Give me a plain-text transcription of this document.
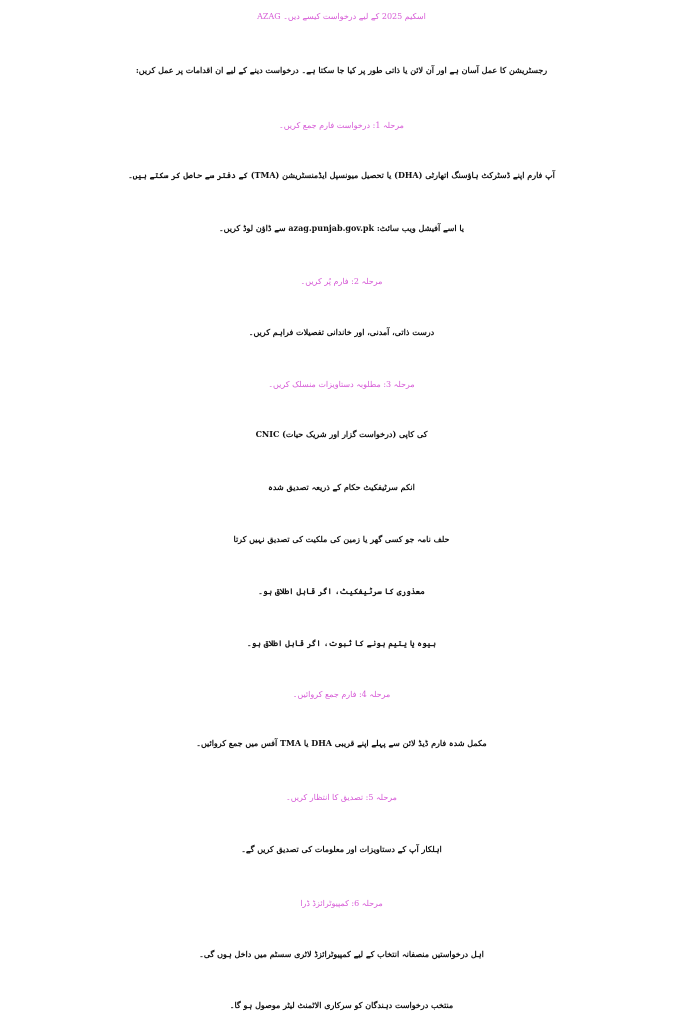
AZAG اسکیم 2025 کے لیے درخواست کیسے دیں۔
رجسٹریشن کا عمل آسان ہے اور آن لائن یا ذاتی طور پر کیا جا سکتا ہے۔ درخواست دینے کے لیے ان اقدامات پر عمل کریں:
مرحلہ 1: درخواست فارم جمع کریں۔
آپ فارم اپنے ڈسٹرکٹ ہاؤسنگ اتھارٹی (DHA) یا تحصیل میونسپل ایڈمنسٹریشن (TMA) کے دفتر سے حاصل کر سکتے ہیں۔
یا اسے آفیشل ویب سائٹ: azag.punjab.gov.pk سے ڈاؤن لوڈ کریں۔
مرحلہ 2: فارم پُر کریں۔
درست ذاتی، آمدنی، اور خاندانی تفصیلات فراہم کریں۔
مرحلہ 3: مطلوبہ دستاویزات منسلک کریں۔
CNIC کی کاپی (درخواست گزار اور شریک حیات)
انکم سرٹیفکیٹ حکام کے ذریعہ تصدیق شدہ
حلف نامہ جو کسی گھر یا زمین کی ملکیت کی تصدیق نہیں کرتا
معذوری کا سرٹیفکیٹ، اگر قابل اطلاق ہو۔
بیوہ یا یتیم ہونے کا ثبوت، اگر قابل اطلاق ہو۔
مرحلہ 4: فارم جمع کروائیں۔
مکمل شدہ فارم ڈیڈ لائن سے پہلے اپنے قریبی DHA یا TMA آفس میں جمع کروائیں۔
مرحلہ 5: تصدیق کا انتظار کریں۔
اہلکار آپ کے دستاویزات اور معلومات کی تصدیق کریں گے۔
مرحلہ 6: کمپیوٹرائزڈ ڈرا
اہل درخواستیں منصفانہ انتخاب کے لیے کمپیوٹرائزڈ لاٹری سسٹم میں داخل ہوں گی۔
منتخب درخواست دہندگان کو سرکاری الاٹمنٹ لیٹر موصول ہو گا۔
